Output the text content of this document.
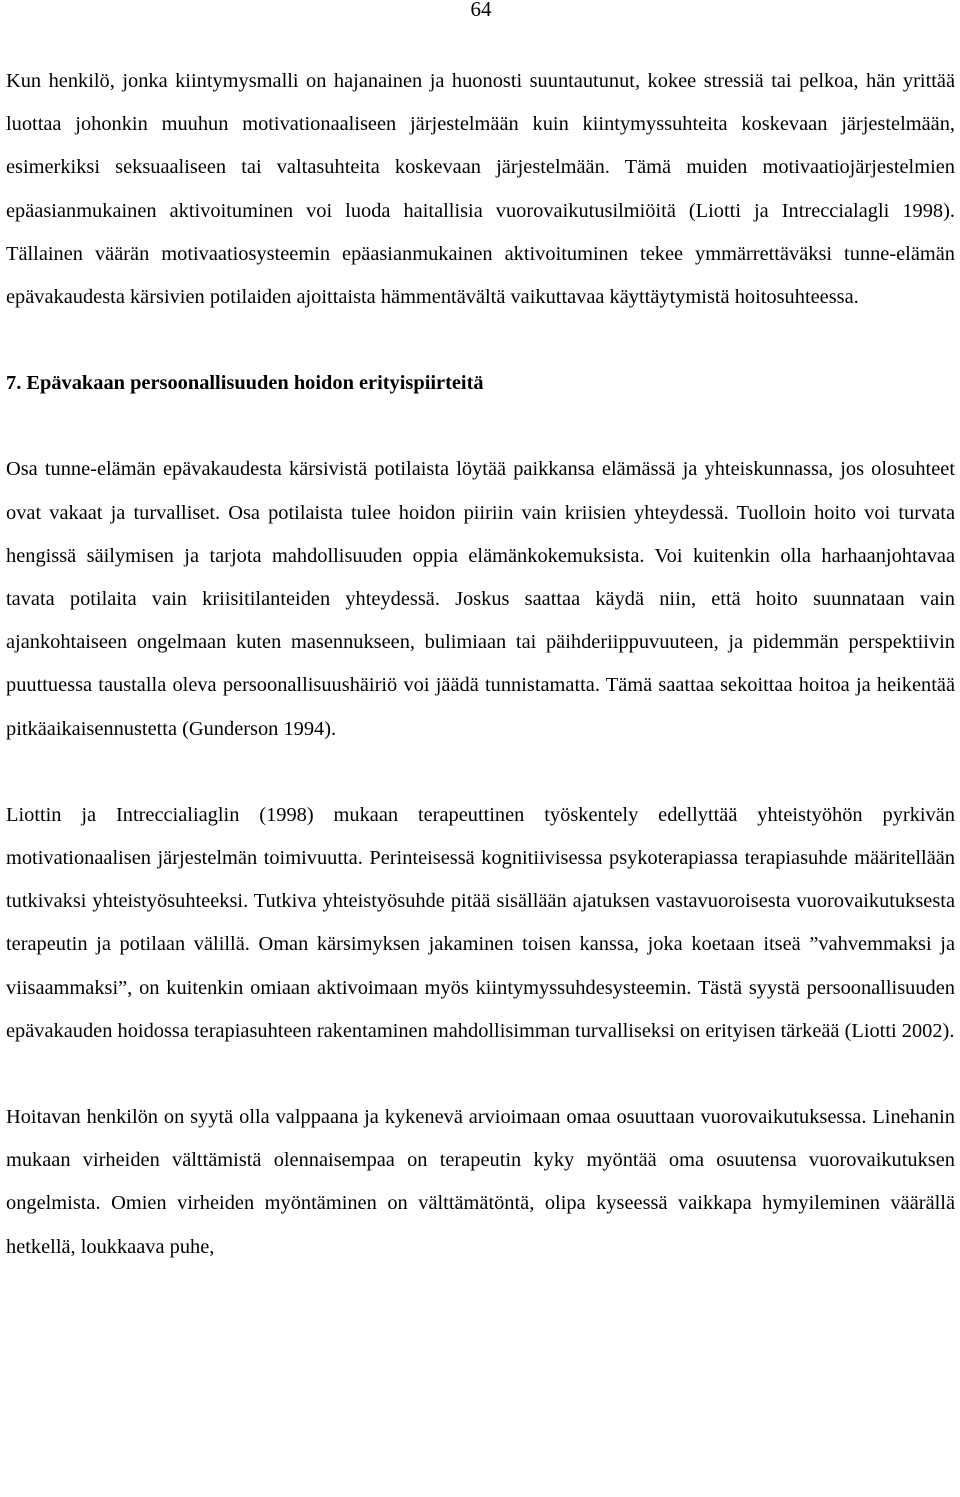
64

Kun henkilö, jonka kiintymysmalli on hajanainen ja huonosti suuntautunut, kokee stressiä tai pelkoa, hän yrittää luottaa johonkin muuhun motivationaaliseen järjestelmään kuin kiintymyssuhteita koskevaan järjestelmään, esimerkiksi seksuaaliseen tai valtasuhteita koskevaan järjestelmään. Tämä muiden motivaatiojärjestelmien epäasianmukainen aktivoituminen voi luoda haitallisia vuorovaikutusilmiöitä (Liotti ja Intreccialagli 1998). Tällainen väärän motivaatiosysteemin epäasianmukainen aktivoituminen tekee ymmärrettäväksi tunne-elämän epävakaudesta kärsivien potilaiden ajoittaista hämmentävältä vaikuttavaa käyttäytymistä hoitosuhteessa.

7. Epävakaan persoonallisuuden hoidon erityispiirteitä

Osa tunne-elämän epävakaudesta kärsivistä potilaista löytää paikkansa elämässä ja yhteiskunnassa, jos olosuhteet ovat vakaat ja turvalliset. Osa potilaista tulee hoidon piiriin vain kriisien yhteydessä. Tuolloin hoito voi turvata hengissä säilymisen ja tarjota mahdollisuuden oppia elämänkokemuksista. Voi kuitenkin olla harhaanjohtavaa tavata potilaita vain kriisitilanteiden yhteydessä. Joskus saattaa käydä niin, että hoito suunnataan vain ajankohtaiseen ongelmaan kuten masennukseen, bulimiaan tai päihderiippuvuuteen, ja pidemmän perspektiivin puuttuessa taustalla oleva persoonallisuushäiriö voi jäädä tunnistamatta. Tämä saattaa sekoittaa hoitoa ja heikentää pitkäaikaisennustetta (Gunderson 1994).

Liottin ja Intreccialiaglin (1998) mukaan terapeuttinen työskentely edellyttää yhteistyöhön pyrkivän motivationaalisen järjestelmän toimivuutta. Perinteisessä kognitiivisessa psykoterapiassa terapiasuhde määritellään tutkivaksi yhteistyösuhteeksi. Tutkiva yhteistyösuhde pitää sisällään ajatuksen vastavuoroisesta vuorovaikutuksesta terapeutin ja potilaan välillä. Oman kärsimyksen jakaminen toisen kanssa, joka koetaan itseä ”vahvemmaksi ja viisaammaksi”, on kuitenkin omiaan aktivoimaan myös kiintymyssuhdesysteemin. Tästä syystä persoonallisuuden epävakauden hoidossa terapiasuhteen rakentaminen mahdollisimman turvalliseksi on erityisen tärkeää (Liotti 2002).

Hoitavan henkilön on syytä olla valppaana ja kykenevä arvioimaan omaa osuuttaan vuorovaikutuksessa. Linehanin mukaan virheiden välttämistä olennaisempaa on terapeutin kyky myöntää oma osuutensa vuorovaikutuksen ongelmista. Omien virheiden myöntäminen on välttämätöntä, olipa kyseessä vaikkapa hymyileminen väärällä hetkellä, loukkaava puhe,
